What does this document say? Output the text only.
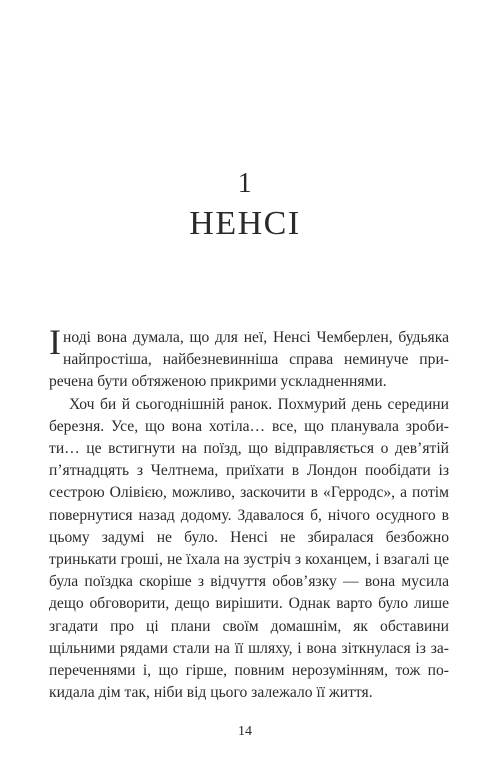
1
НЕНСІ

Іноді вона думала, що для неї, Ненсі Чемберлен, будьяка найпростіша, найбезневинніша справа неминуче приречена бути обтяженою прикрими ускладненнями.

Хоч би й сьогоднішній ранок. Похмурий день середини березня. Усе, що вона хотіла… все, що планувала зробити… це встигнути на поїзд, що відправляється о дев’ятій п’ятнадцять з Челтнема, приїхати в Лондон пообідати із сестрою Олівією, можливо, заскочити в «Герродс», а потім повернутися назад додому. Здавалося б, нічого осудного в цьому задумі не було. Ненсі не збиралася безбожно тринькати гроші, не їхала на зустріч з коханцем, і взагалі це була поїздка скоріше з відчуття обов’язку — вона мусила дещо обговорити, дещо вирішити. Однак варто було лише згадати про ці плани своїм домашнім, як обставини щільними рядами стали на її шляху, і вона зіткнулася із запереченнями і, що гірше, повним нерозумінням, тож покидала дім так, ніби від цього залежало її життя.

14
